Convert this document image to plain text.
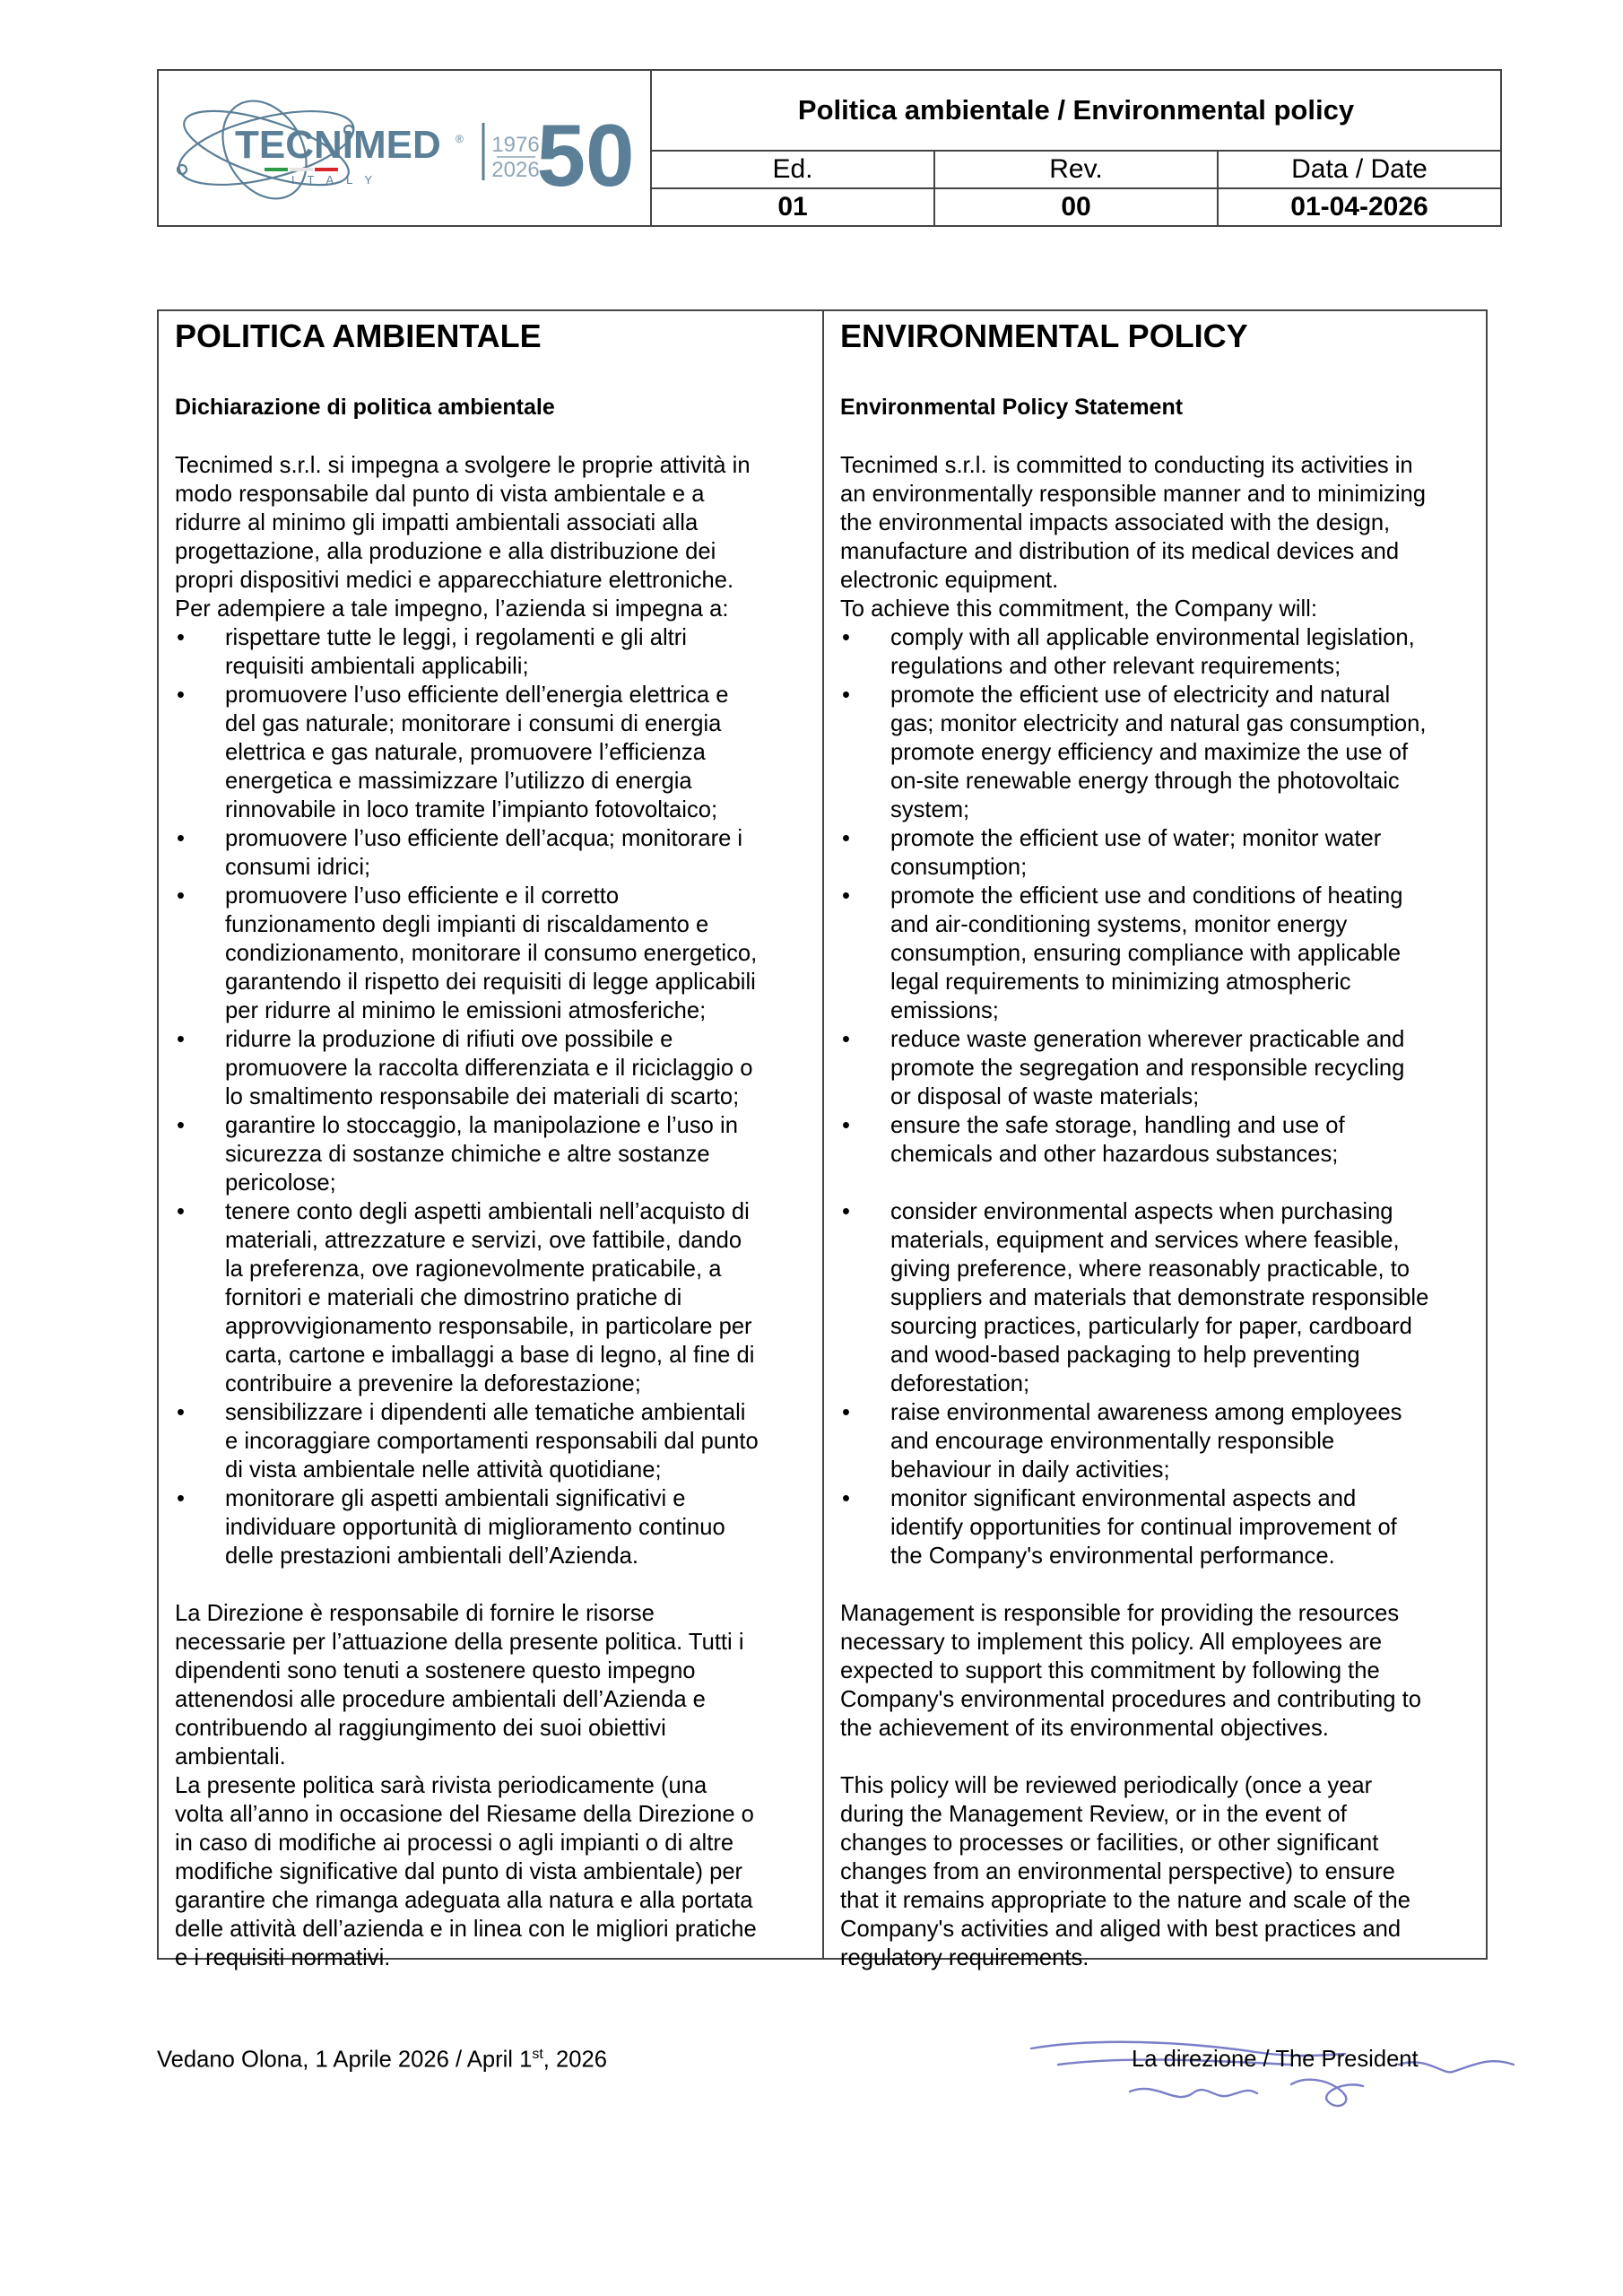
TECNIMED ®
ITALY
1976
2026
50	Politica ambientale / Environmental policy
Ed.	Rev.	Data / Date
01	00	01-04-2026
POLITICA AMBIENTALE
Dichiarazione di politica ambientale

Tecnimed s.r.l. si impegna a svolgere le proprie attività in

modo responsabile dal punto di vista ambientale e a

ridurre al minimo gli impatti ambientali associati alla

progettazione, alla produzione e alla distribuzione dei

propri dispositivi medici e apparecchiature elettroniche.

Per adempiere a tale impegno, l’azienda si impegna a:

• rispettare tutte le leggi, i regolamenti e gli altri
requisiti ambientali applicabili;
• promuovere l’uso efficiente dell’energia elettrica e
del gas naturale; monitorare i consumi di energia
elettrica e gas naturale, promuovere l’efficienza
energetica e massimizzare l’utilizzo di energia
rinnovabile in loco tramite l’impianto fotovoltaico;
• promuovere l’uso efficiente dell’acqua; monitorare i
consumi idrici;
• promuovere l’uso efficiente e il corretto
funzionamento degli impianti di riscaldamento e
condizionamento, monitorare il consumo energetico,
garantendo il rispetto dei requisiti di legge applicabili
per ridurre al minimo le emissioni atmosferiche;
• ridurre la produzione di rifiuti ove possibile e
promuovere la raccolta differenziata e il riciclaggio o
lo smaltimento responsabile dei materiali di scarto;
• garantire lo stoccaggio, la manipolazione e l’uso in
sicurezza di sostanze chimiche e altre sostanze
pericolose;
• tenere conto degli aspetti ambientali nell’acquisto di
materiali, attrezzature e servizi, ove fattibile, dando
la preferenza, ove ragionevolmente praticabile, a
fornitori e materiali che dimostrino pratiche di
approvvigionamento responsabile, in particolare per
carta, cartone e imballaggi a base di legno, al fine di
contribuire a prevenire la deforestazione;
• sensibilizzare i dipendenti alle tematiche ambientali
e incoraggiare comportamenti responsabili dal punto
di vista ambientale nelle attività quotidiane;
• monitorare gli aspetti ambientali significativi e
individuare opportunità di miglioramento continuo
delle prestazioni ambientali dell’Azienda.

La Direzione è responsabile di fornire le risorse

necessarie per l’attuazione della presente politica. Tutti i

dipendenti sono tenuti a sostenere questo impegno

attenendosi alle procedure ambientali dell’Azienda e

contribuendo al raggiungimento dei suoi obiettivi

ambientali.

La presente politica sarà rivista periodicamente (una

volta all’anno in occasione del Riesame della Direzione o

in caso di modifiche ai processi o agli impianti o di altre

modifiche significative dal punto di vista ambientale) per

garantire che rimanga adeguata alla natura e alla portata

delle attività dell’azienda e in linea con le migliori pratiche

e i requisiti normativi.

ENVIRONMENTAL POLICY
Environmental Policy Statement

Tecnimed s.r.l. is committed to conducting its activities in

an environmentally responsible manner and to minimizing

the environmental impacts associated with the design,

manufacture and distribution of its medical devices and

electronic equipment.

To achieve this commitment, the Company will:

• comply with all applicable environmental legislation,
regulations and other relevant requirements;
• promote the efficient use of electricity and natural
gas; monitor electricity and natural gas consumption,
promote energy efficiency and maximize the use of
on-site renewable energy through the photovoltaic
system;
• promote the efficient use of water; monitor water
consumption;
• promote the efficient use and conditions of heating
and air-conditioning systems, monitor energy
consumption, ensuring compliance with applicable
legal requirements to minimizing atmospheric
emissions;
• reduce waste generation wherever practicable and
promote the segregation and responsible recycling
or disposal of waste materials;
• ensure the safe storage, handling and use of
chemicals and other hazardous substances;

• consider environmental aspects when purchasing
materials, equipment and services where feasible,
giving preference, where reasonably practicable, to
suppliers and materials that demonstrate responsible
sourcing practices, particularly for paper, cardboard
and wood-based packaging to help preventing
deforestation;
• raise environmental awareness among employees
and encourage environmentally responsible
behaviour in daily activities;
• monitor significant environmental aspects and
identify opportunities for continual improvement of
the Company's environmental performance.

Management is responsible for providing the resources

necessary to implement this policy. All employees are

expected to support this commitment by following the

Company's environmental procedures and contributing to

the achievement of its environmental objectives.

This policy will be reviewed periodically (once a year

during the Management Review, or in the event of

changes to processes or facilities, or other significant

changes from an environmental perspective) to ensure

that it remains appropriate to the nature and scale of the

Company's activities and aliged with best practices and

regulatory requirements.

Vedano Olona, 1 Aprile 2026 / April 1st, 2026	La direzione / The President
